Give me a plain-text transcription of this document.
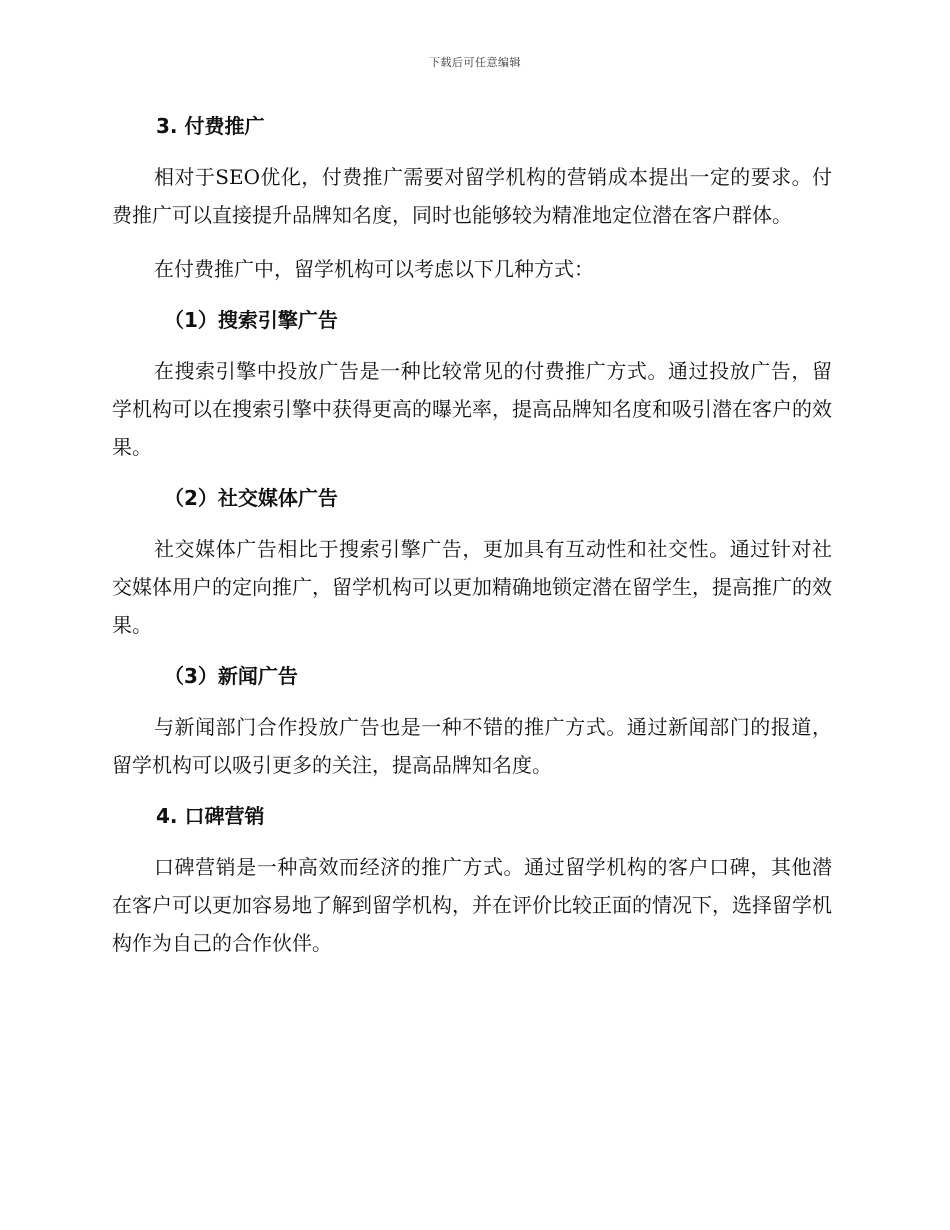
下载后可任意编辑
3. 付费推广

相对于SEO优化，付费推广需要对留学机构的营销成本提出一定的要求。付费推广可以直接提升品牌知名度，同时也能够较为精准地定位潜在客户群体。

在付费推广中，留学机构可以考虑以下几种方式：

（1）搜索引擎广告

在搜索引擎中投放广告是一种比较常见的付费推广方式。通过投放广告，留学机构可以在搜索引擎中获得更高的曝光率，提高品牌知名度和吸引潜在客户的效果。

（2）社交媒体广告

社交媒体广告相比于搜索引擎广告，更加具有互动性和社交性。通过针对社交媒体用户的定向推广，留学机构可以更加精确地锁定潜在留学生，提高推广的效果。

（3）新闻广告

与新闻部门合作投放广告也是一种不错的推广方式。通过新闻部门的报道，留学机构可以吸引更多的关注，提高品牌知名度。

4. 口碑营销

口碑营销是一种高效而经济的推广方式。通过留学机构的客户口碑，其他潜在客户可以更加容易地了解到留学机构，并在评价比较正面的情况下，选择留学机构作为自己的合作伙伴。
